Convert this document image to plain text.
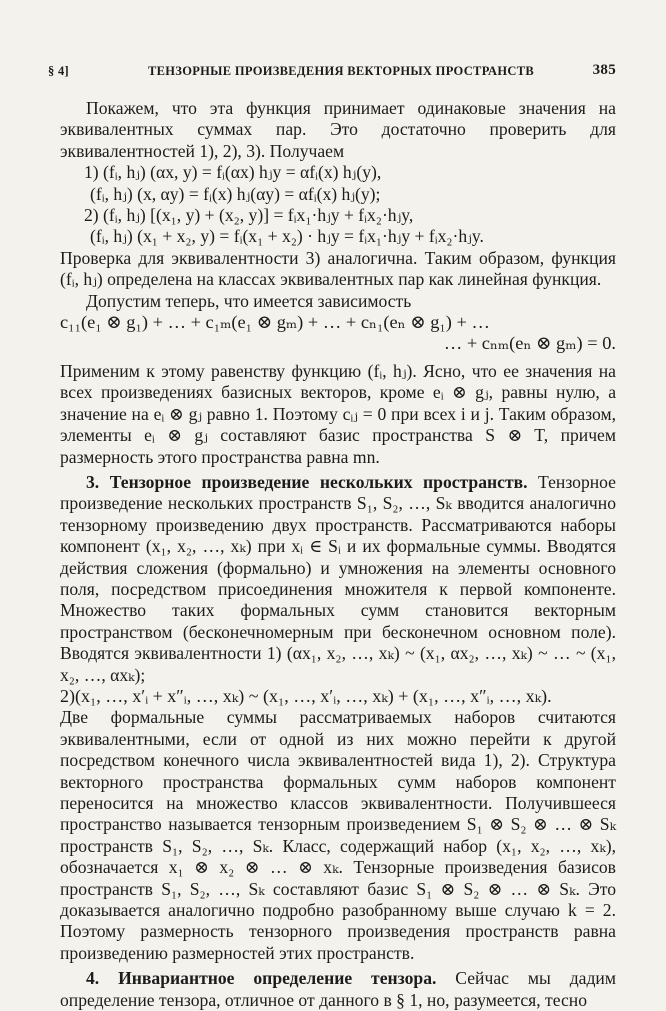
§ 4]	ТЕНЗОРНЫЕ ПРОИЗВЕДЕНИЯ ВЕКТОРНЫХ ПРОСТРАНСТВ	385

Покажем, что эта функция принимает одинаковые значения на эквивалентных суммах пар. Это достаточно проверить для эквивалентностей 1), 2), 3). Получаем

1) (fᵢ, hⱼ) (αx, y) = fᵢ(αx) hⱼy = αfᵢ(x) hⱼ(y),

(fᵢ, hⱼ) (x, αy) = fᵢ(x) hⱼ(αy) = αfᵢ(x) hⱼ(y);

2) (fᵢ, hⱼ) [(x₁, y) + (x₂, y)] = fᵢx₁·hⱼy + fᵢx₂·hⱼy,

(fᵢ, hⱼ) (x₁ + x₂, y) = fᵢ(x₁ + x₂) · hⱼy = fᵢx₁·hⱼy + fᵢx₂·hⱼy.

Проверка для эквивалентности 3) аналогична. Таким образом, функция (fᵢ, hⱼ) определена на классах эквивалентных пар как линейная функция.

Допустим теперь, что имеется зависимость

c₁₁(e₁ ⊗ g₁) + … + c₁ₘ(e₁ ⊗ gₘ) + … + cₙ₁(eₙ ⊗ g₁) + …

… + cₙₘ(eₙ ⊗ gₘ) = 0.

Применим к этому равенству функцию (fᵢ, hⱼ). Ясно, что ее значения на всех произведениях базисных векторов, кроме eᵢ ⊗ gⱼ, равны нулю, а значение на eᵢ ⊗ gⱼ равно 1. Поэтому cᵢⱼ = 0 при всех i и j. Таким образом, элементы eᵢ ⊗ gⱼ составляют базис пространства S ⊗ T, причем размерность этого пространства равна mn.

3. Тензорное произведение нескольких пространств. Тензорное произведение нескольких пространств S₁, S₂, …, Sₖ вводится аналогично тензорному произведению двух пространств. Рассматриваются наборы компонент (x₁, x₂, …, xₖ) при xᵢ ∈ Sᵢ и их формальные суммы. Вводятся действия сложения (формально) и умножения на элементы основного поля, посредством присоединения множителя к первой компоненте. Множество таких формальных сумм становится векторным пространством (бесконечномерным при бесконечном основном поле). Вводятся эквивалентности 1) (αx₁, x₂, …, xₖ) ~ (x₁, αx₂, …, xₖ) ~ … ~ (x₁, x₂, …, αxₖ);

2)(x₁, …, x′ᵢ + x″ᵢ, …, xₖ) ~ (x₁, …, x′ᵢ, …, xₖ) + (x₁, …, x″ᵢ, …, xₖ).

Две формальные суммы рассматриваемых наборов считаются эквивалентными, если от одной из них можно перейти к другой посредством конечного числа эквивалентностей вида 1), 2). Структура векторного пространства формальных сумм наборов компонент переносится на множество классов эквивалентности. Получившееся пространство называется тензорным произведением S₁ ⊗ S₂ ⊗ … ⊗ Sₖ пространств S₁, S₂, …, Sₖ. Класс, содержащий набор (x₁, x₂, …, xₖ), обозначается x₁ ⊗ x₂ ⊗ … ⊗ xₖ. Тензорные произведения базисов пространств S₁, S₂, …, Sₖ составляют базис S₁ ⊗ S₂ ⊗ … ⊗ Sₖ. Это доказывается аналогично подробно разобранному выше случаю k = 2. Поэтому размерность тензорного произведения пространств равна произведению размерностей этих пространств.

4. Инвариантное определение тензора. Сейчас мы дадим определение тензора, отличное от данного в § 1, но, разумеется, тесно
